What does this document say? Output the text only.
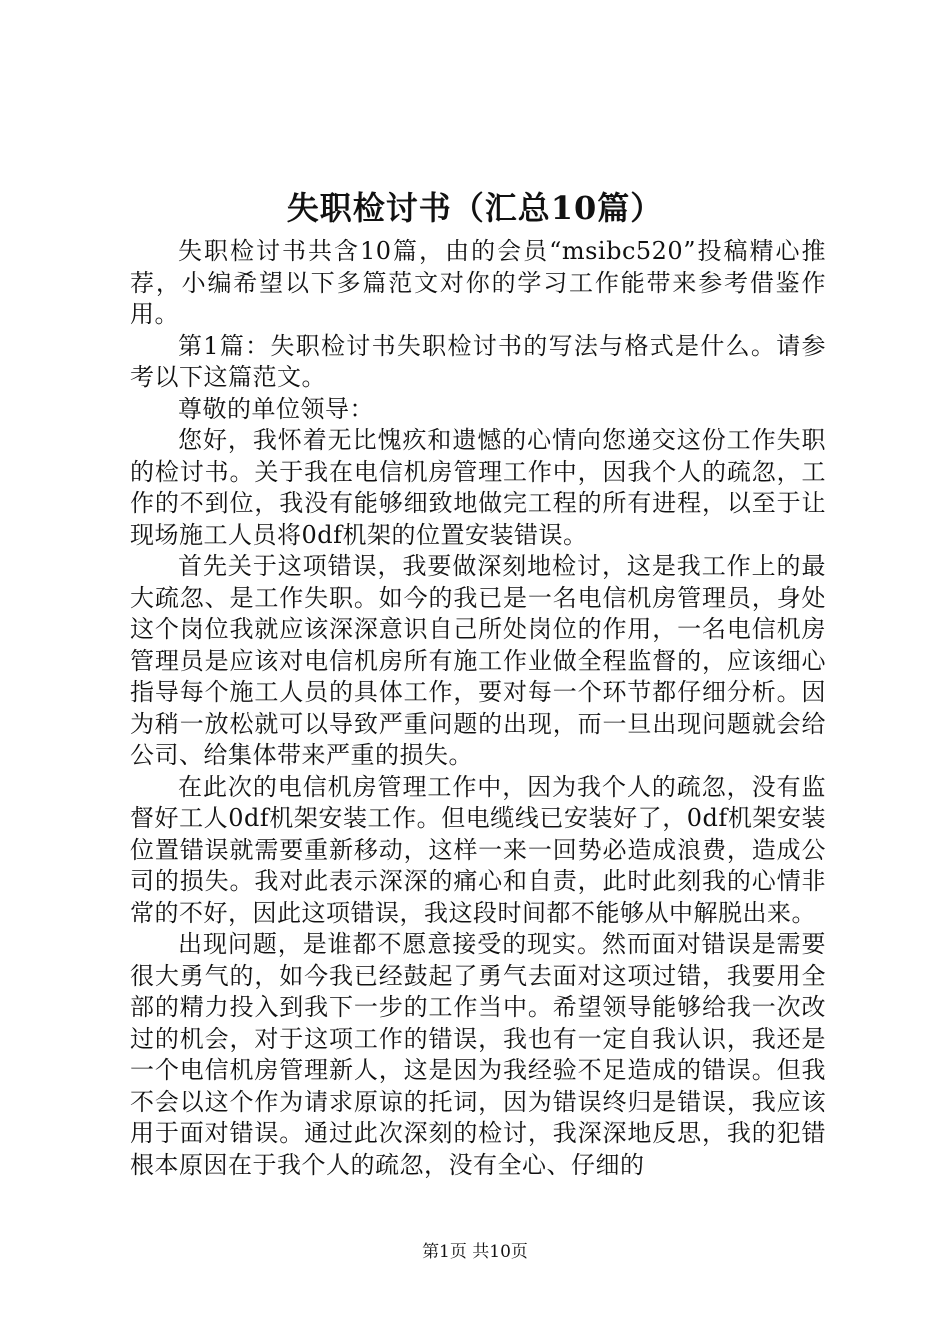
失职检讨书（汇总10篇）

失职检讨书共含10篇，由的会员“msibc520”投稿精心推荐，小编希望以下多篇范文对你的学习工作能带来参考借鉴作用。

第1篇：失职检讨书失职检讨书的写法与格式是什么。请参考以下这篇范文。

尊敬的单位领导：

您好，我怀着无比愧疚和遗憾的心情向您递交这份工作失职的检讨书。关于我在电信机房管理工作中，因我个人的疏忽，工作的不到位，我没有能够细致地做完工程的所有进程，以至于让现场施工人员将0df机架的位置安装错误。

首先关于这项错误，我要做深刻地检讨，这是我工作上的最大疏忽、是工作失职。如今的我已是一名电信机房管理员，身处这个岗位我就应该深深意识自己所处岗位的作用，一名电信机房管理员是应该对电信机房所有施工作业做全程监督的，应该细心指导每个施工人员的具体工作，要对每一个环节都仔细分析。因为稍一放松就可以导致严重问题的出现，而一旦出现问题就会给公司、给集体带来严重的损失。

在此次的电信机房管理工作中，因为我个人的疏忽，没有监督好工人0df机架安装工作。但电缆线已安装好了，0df机架安装位置错误就需要重新移动，这样一来一回势必造成浪费，造成公司的损失。我对此表示深深的痛心和自责，此时此刻我的心情非常的不好，因此这项错误，我这段时间都不能够从中解脱出来。

出现问题，是谁都不愿意接受的现实。然而面对错误是需要很大勇气的，如今我已经鼓起了勇气去面对这项过错，我要用全部的精力投入到我下一步的工作当中。希望领导能够给我一次改过的机会，对于这项工作的错误，我也有一定自我认识，我还是一个电信机房管理新人，这是因为我经验不足造成的错误。但我不会以这个作为请求原谅的托词，因为错误终归是错误，我应该用于面对错误。通过此次深刻的检讨，我深深地反思，我的犯错根本原因在于我个人的疏忽，没有全心、仔细的

第1页 共10页
